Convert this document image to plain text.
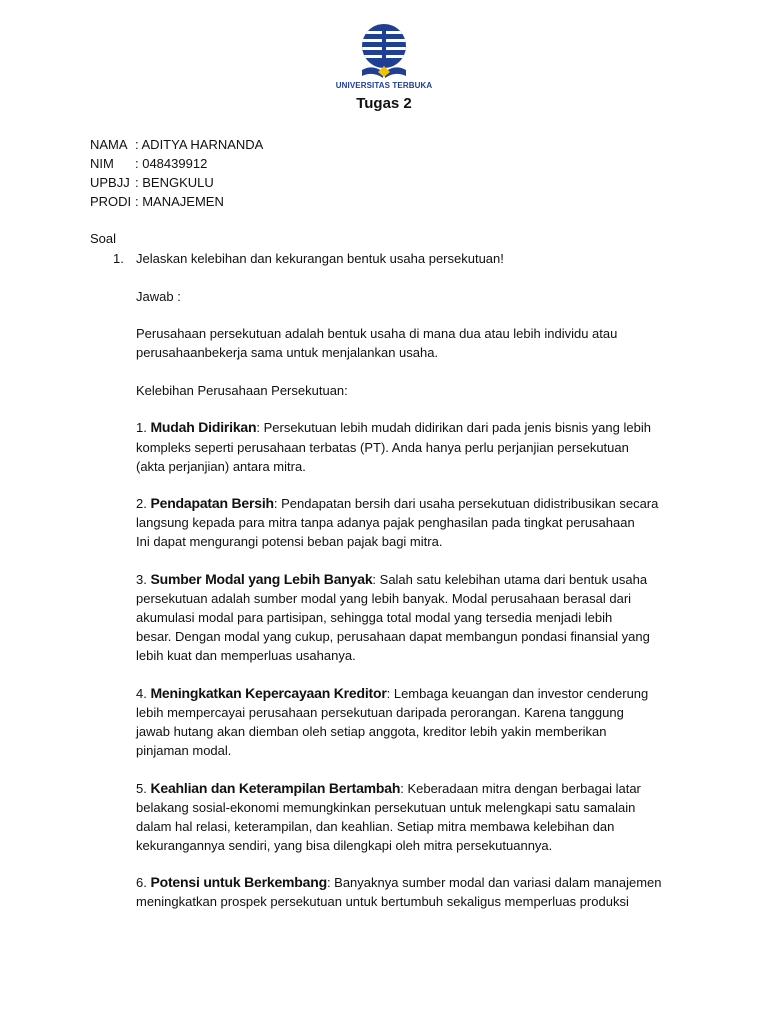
UNIVERSITAS TERBUKA
Tugas 2
NAMA : ADITYA HARNANDA
NIM : 048439912
UPBJJ : BENGKULU
PRODI : MANAJEMEN
Soal
1. Jelaskan kelebihan dan kekurangan bentuk usaha persekutuan!
Jawab :
Perusahaan persekutuan adalah bentuk usaha di mana dua atau lebih individu atau
perusahaanbekerja sama untuk menjalankan usaha.
Kelebihan Perusahaan Persekutuan:
1. Mudah Didirikan: Persekutuan lebih mudah didirikan dari pada jenis bisnis yang lebih
kompleks seperti perusahaan terbatas (PT). Anda hanya perlu perjanjian persekutuan
(akta perjanjian) antara mitra.
2. Pendapatan Bersih: Pendapatan bersih dari usaha persekutuan didistribusikan secara
langsung kepada para mitra tanpa adanya pajak penghasilan pada tingkat perusahaan
Ini dapat mengurangi potensi beban pajak bagi mitra.
3. Sumber Modal yang Lebih Banyak: Salah satu kelebihan utama dari bentuk usaha
persekutuan adalah sumber modal yang lebih banyak. Modal perusahaan berasal dari
akumulasi modal para partisipan, sehingga total modal yang tersedia menjadi lebih
besar. Dengan modal yang cukup, perusahaan dapat membangun pondasi finansial yang
lebih kuat dan memperluas usahanya.
4. Meningkatkan Kepercayaan Kreditor: Lembaga keuangan dan investor cenderung
lebih mempercayai perusahaan persekutuan daripada perorangan. Karena tanggung
jawab hutang akan diemban oleh setiap anggota, kreditor lebih yakin memberikan
pinjaman modal.
5. Keahlian dan Keterampilan Bertambah: Keberadaan mitra dengan berbagai latar
belakang sosial-ekonomi memungkinkan persekutuan untuk melengkapi satu samalain
dalam hal relasi, keterampilan, dan keahlian. Setiap mitra membawa kelebihan dan
kekurangannya sendiri, yang bisa dilengkapi oleh mitra persekutuannya.
6. Potensi untuk Berkembang: Banyaknya sumber modal dan variasi dalam manajemen
meningkatkan prospek persekutuan untuk bertumbuh sekaligus memperluas produksi
